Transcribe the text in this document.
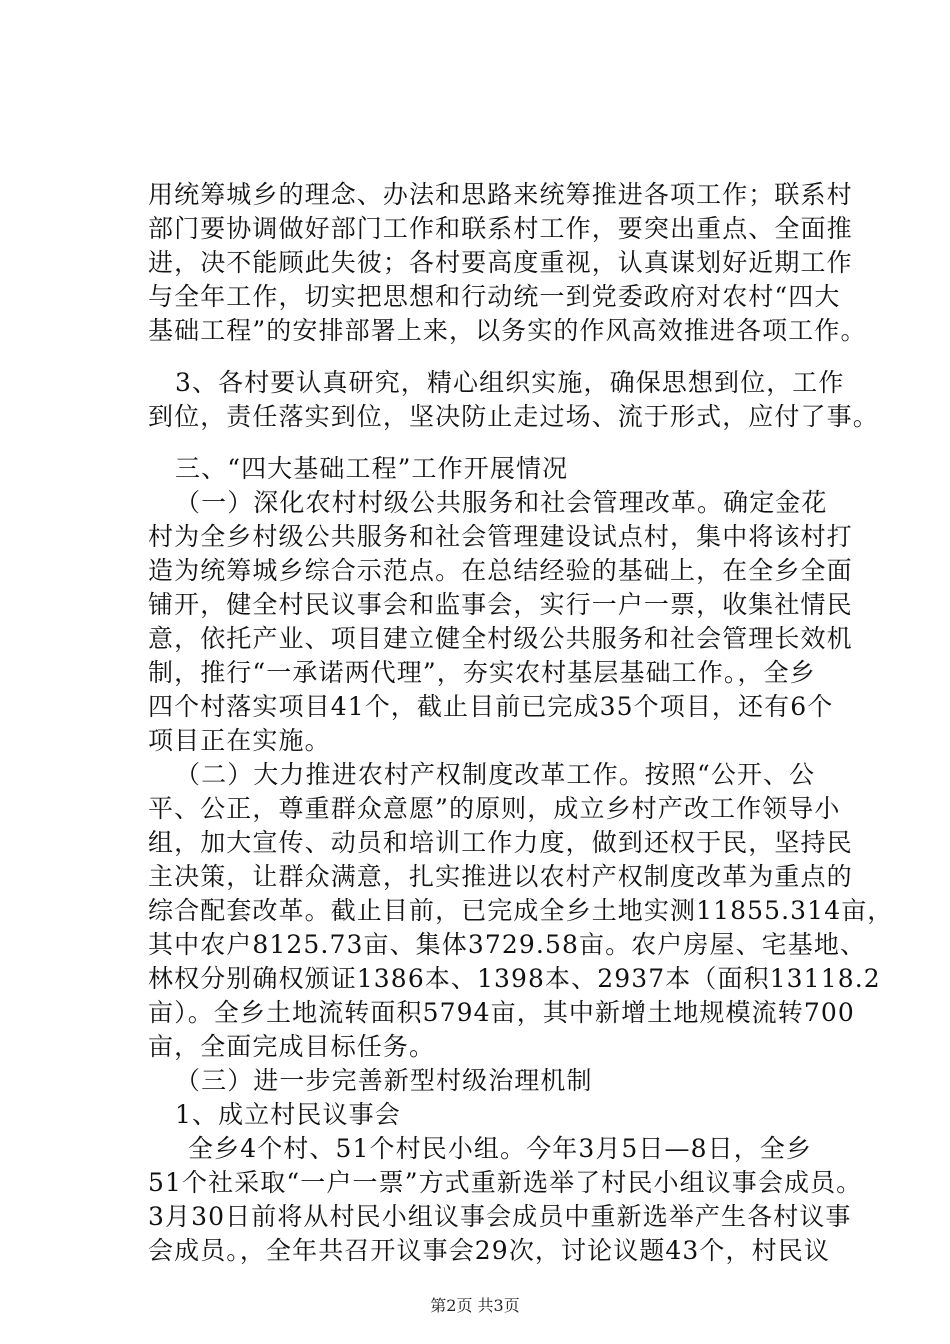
用统筹城乡的理念、办法和思路来统筹推进各项工作；联系村
部门要协调做好部门工作和联系村工作，要突出重点、全面推
进，决不能顾此失彼；各村要高度重视，认真谋划好近期工作
与全年工作，切实把思想和行动统一到党委政府对农村“四大
基础工程”的安排部署上来，以务实的作风高效推进各项工作。
3、各村要认真研究，精心组织实施，确保思想到位，工作
到位，责任落实到位，坚决防止走过场、流于形式，应付了事。
三、“四大基础工程”工作开展情况
（一）深化农村村级公共服务和社会管理改革。确定金花
村为全乡村级公共服务和社会管理建设试点村，集中将该村打
造为统筹城乡综合示范点。在总结经验的基础上，在全乡全面
铺开，健全村民议事会和监事会，实行一户一票，收集社情民
意，依托产业、项目建立健全村级公共服务和社会管理长效机
制，推行“一承诺两代理”，夯实农村基层基础工作。，全乡
四个村落实项目41个，截止目前已完成35个项目，还有6个
项目正在实施。
（二）大力推进农村产权制度改革工作。按照“公开、公
平、公正，尊重群众意愿”的原则，成立乡村产改工作领导小
组，加大宣传、动员和培训工作力度，做到还权于民，坚持民
主决策，让群众满意，扎实推进以农村产权制度改革为重点的
综合配套改革。截止目前，已完成全乡土地实测11855.314亩，
其中农户8125.73亩、集体3729.58亩。农户房屋、宅基地、
林权分别确权颁证1386本、1398本、2937本（面积13118.2
亩）。全乡土地流转面积5794亩，其中新增土地规模流转700
亩，全面完成目标任务。
（三）进一步完善新型村级治理机制
1、成立村民议事会
全乡4个村、51个村民小组。今年3月5日—8日，全乡
51个社采取“一户一票”方式重新选举了村民小组议事会成员。
3月30日前将从村民小组议事会成员中重新选举产生各村议事
会成员。，全年共召开议事会29次，讨论议题43个，村民议
第2页 共3页
